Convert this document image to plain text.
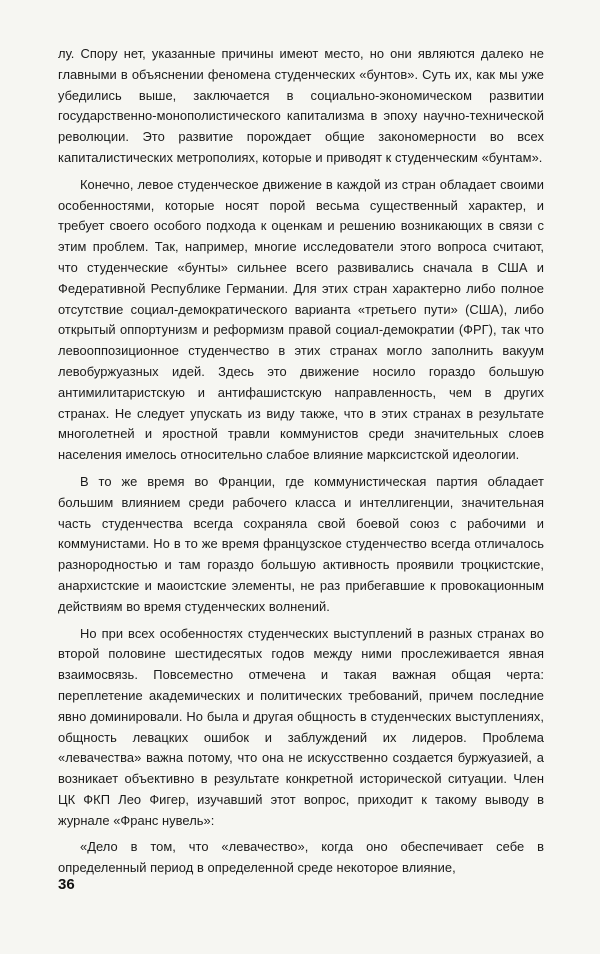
лу. Спору нет, указанные причины имеют место, но они являются далеко не главными в объяснении феномена студенческих «бунтов». Суть их, как мы уже убедились выше, заключается в социально-экономическом развитии государственно-монополистического капитализма в эпоху научно-технической революции. Это развитие порождает общие закономерности во всех капиталистических метрополиях, которые и приводят к студенческим «бунтам».

Конечно, левое студенческое движение в каждой из стран обладает своими особенностями, которые носят порой весьма существенный характер, и требует своего особого подхода к оценкам и решению возникающих в связи с этим проблем. Так, например, многие исследователи этого вопроса считают, что студенческие «бунты» сильнее всего развивались сначала в США и Федеративной Республике Германии. Для этих стран характерно либо полное отсутствие социал-демократического варианта «третьего пути» (США), либо открытый оппортунизм и реформизм правой социал-демократии (ФРГ), так что левооппозиционное студенчество в этих странах могло заполнить вакуум левобуржуазных идей. Здесь это движение носило гораздо большую антимилитаристскую и антифашистскую направленность, чем в других странах. Не следует упускать из виду также, что в этих странах в результате многолетней и яростной травли коммунистов среди значительных слоев населения имелось относительно слабое влияние марксистской идеологии.

В то же время во Франции, где коммунистическая партия обладает большим влиянием среди рабочего класса и интеллигенции, значительная часть студенчества всегда сохраняла свой боевой союз с рабочими и коммунистами. Но в то же время французское студенчество всегда отличалось разнородностью и там гораздо большую активность проявили троцкистские, анархистские и маоистские элементы, не раз прибегавшие к провокационным действиям во время студенческих волнений.

Но при всех особенностях студенческих выступлений в разных странах во второй половине шестидесятых годов между ними прослеживается явная взаимосвязь. Повсеместно отмечена и такая важная общая черта: переплетение академических и политических требований, причем последние явно доминировали. Но была и другая общность в студенческих выступлениях, общность левацких ошибок и заблуждений их лидеров. Проблема «левачества» важна потому, что она не искусственно создается буржуазией, а возникает объективно в результате конкретной исторической ситуации. Член ЦК ФКП Лео Фигер, изучавший этот вопрос, приходит к такому выводу в журнале «Франс нувель»:

«Дело в том, что «левачество», когда оно обеспечивает себе в определенный период в определенной среде некоторое влияние,

36
